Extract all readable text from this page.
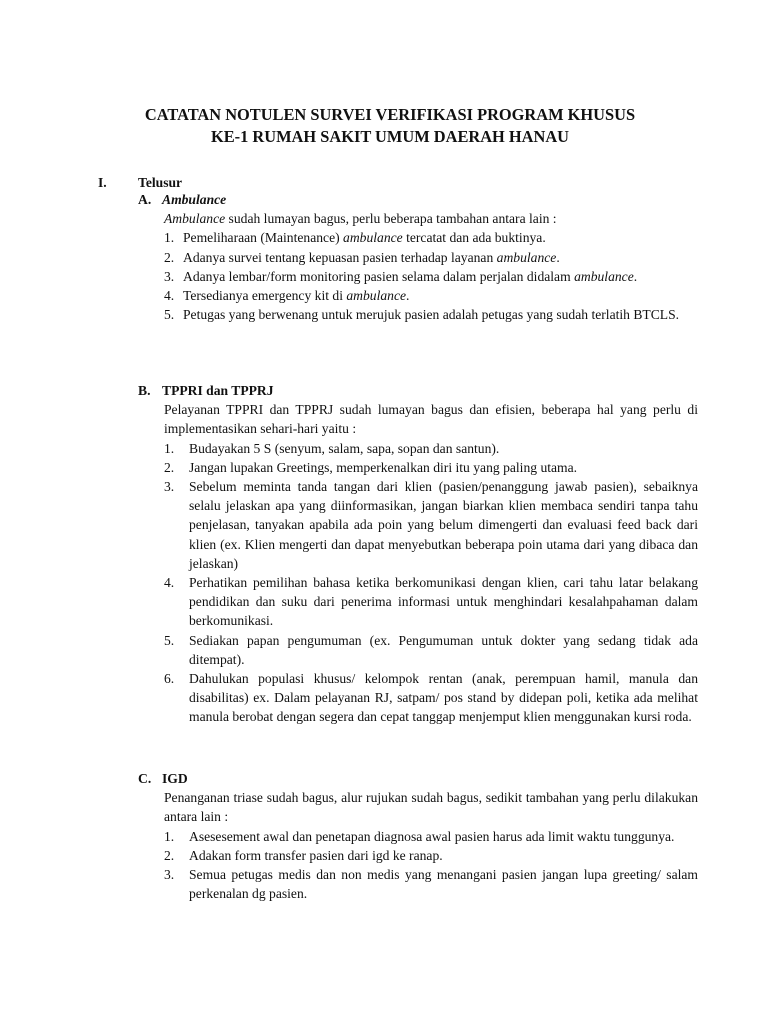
CATATAN NOTULEN SURVEI VERIFIKASI PROGRAM KHUSUS
KE-1 RUMAH SAKIT UMUM DAERAH HANAU
I. Telusur
A. Ambulance
Ambulance sudah lumayan bagus, perlu beberapa tambahan antara lain :
1. Pemeliharaan (Maintenance) ambulance tercatat dan ada buktinya.
2. Adanya survei tentang kepuasan pasien terhadap layanan ambulance.
3. Adanya lembar/form monitoring pasien selama dalam perjalan didalam ambulance.
4. Tersedianya emergency kit di ambulance.
5. Petugas yang berwenang untuk merujuk pasien adalah petugas yang sudah terlatih BTCLS.
B. TPPRI dan TPPRJ
Pelayanan TPPRI dan TPPRJ sudah lumayan bagus dan efisien, beberapa hal yang perlu di implementasikan sehari-hari yaitu :
1.	Budayakan 5 S (senyum, salam, sapa, sopan dan santun).
2.	Jangan lupakan Greetings, memperkenalkan diri itu yang paling utama.
3.	Sebelum meminta tanda tangan dari klien (pasien/penanggung jawab pasien), sebaiknya selalu jelaskan apa yang diinformasikan, jangan biarkan klien membaca sendiri tanpa tahu penjelasan, tanyakan apabila ada poin yang belum dimengerti dan evaluasi feed back dari klien (ex. Klien mengerti dan dapat menyebutkan beberapa poin utama dari yang dibaca dan jelaskan)
4.	Perhatikan pemilihan bahasa ketika berkomunikasi dengan klien, cari tahu latar belakang pendidikan dan suku dari penerima informasi untuk menghindari kesalahpahaman dalam berkomunikasi.
5.	Sediakan papan pengumuman (ex. Pengumuman untuk dokter yang sedang tidak ada ditempat).
6.	Dahulukan populasi khusus/ kelompok rentan (anak, perempuan hamil, manula dan disabilitas) ex. Dalam pelayanan RJ, satpam/ pos stand by didepan poli, ketika ada melihat manula berobat dengan segera dan cepat tanggap menjemput klien menggunakan kursi roda.
C. IGD
Penanganan triase sudah bagus, alur rujukan sudah bagus, sedikit tambahan yang perlu dilakukan antara lain :
1.	Asesesement awal dan penetapan diagnosa awal pasien harus ada limit waktu tunggunya.
2.	Adakan form transfer pasien dari igd ke ranap.
3.	Semua petugas medis dan non medis yang menangani pasien jangan lupa greeting/ salam perkenalan dg pasien.
